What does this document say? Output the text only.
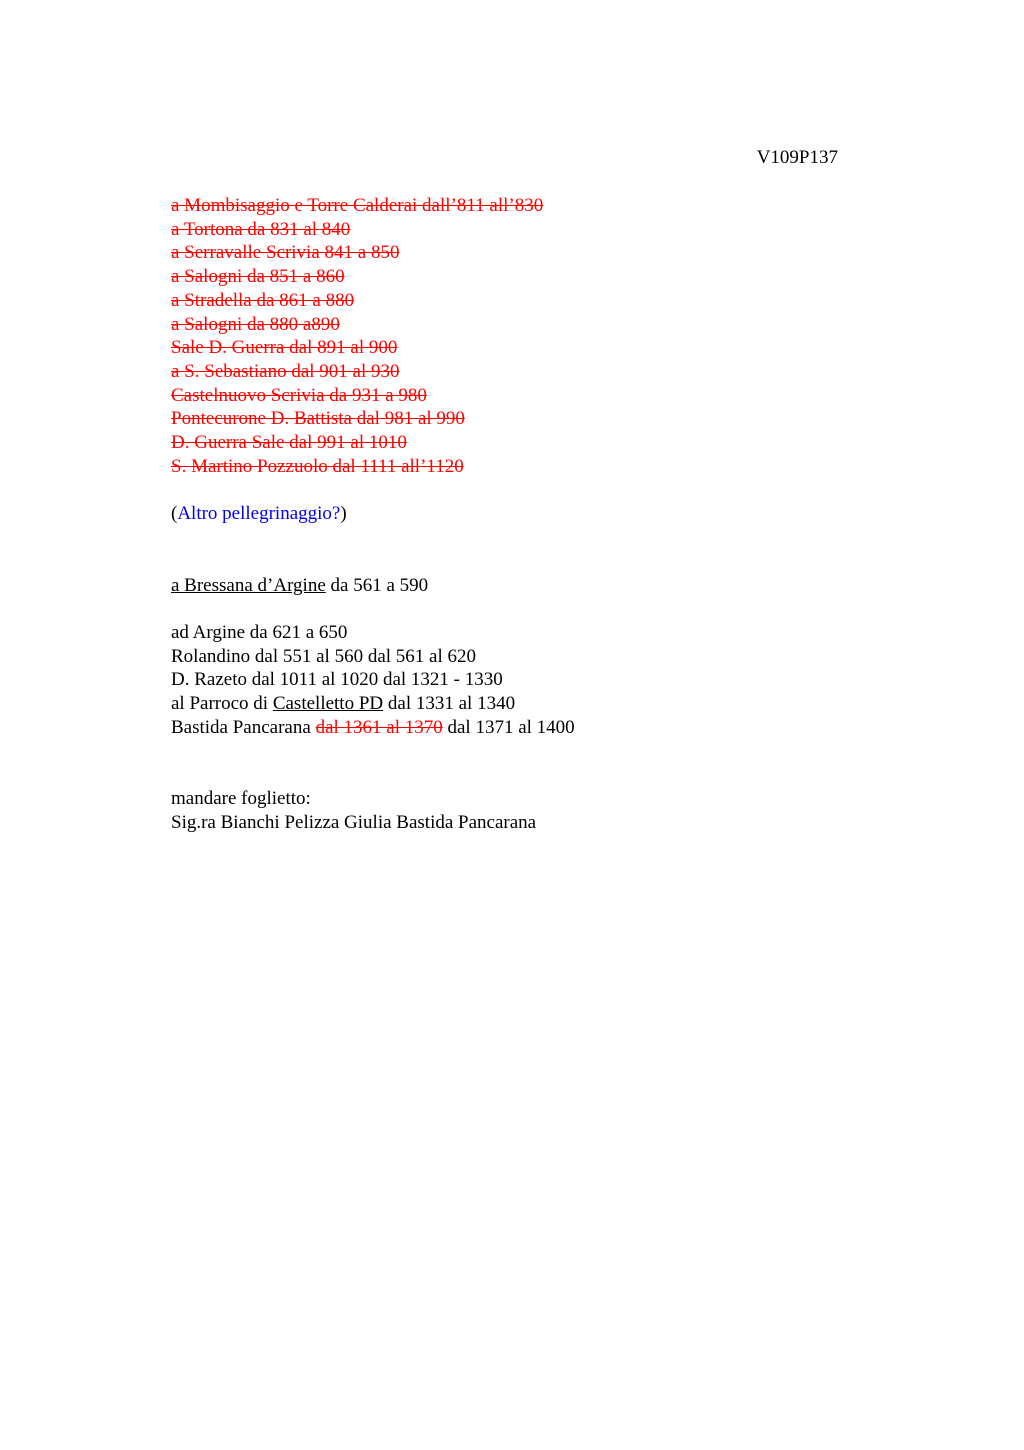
V109P137
a Mombisaggio e Torre Calderai dall’811 all’830
a Tortona da 831 al 840
a Serravalle Scrivia 841 a 850
a Salogni da 851 a 860
a Stradella da 861 a 880
a Salogni da 880 a890
Sale D. Guerra dal 891 al 900
a S. Sebastiano dal 901 al 930
Castelnuovo Scrivia da 931 a 980
Pontecurone D. Battista dal 981 al 990
D. Guerra Sale dal 991 al 1010
S. Martino Pozzuolo dal 1111 all’1120
(Altro pellegrinaggio?)
a Bressana d’Argine da 561 a 590
ad Argine da 621 a 650
Rolandino dal 551 al 560 dal 561 al 620
D. Razeto dal 1011 al 1020 dal 1321 - 1330
al Parroco di Castelletto PD dal 1331 al 1340
Bastida Pancarana dal 1361 al 1370 dal 1371 al 1400
mandare foglietto:
Sig.ra Bianchi Pelizza Giulia Bastida Pancarana
